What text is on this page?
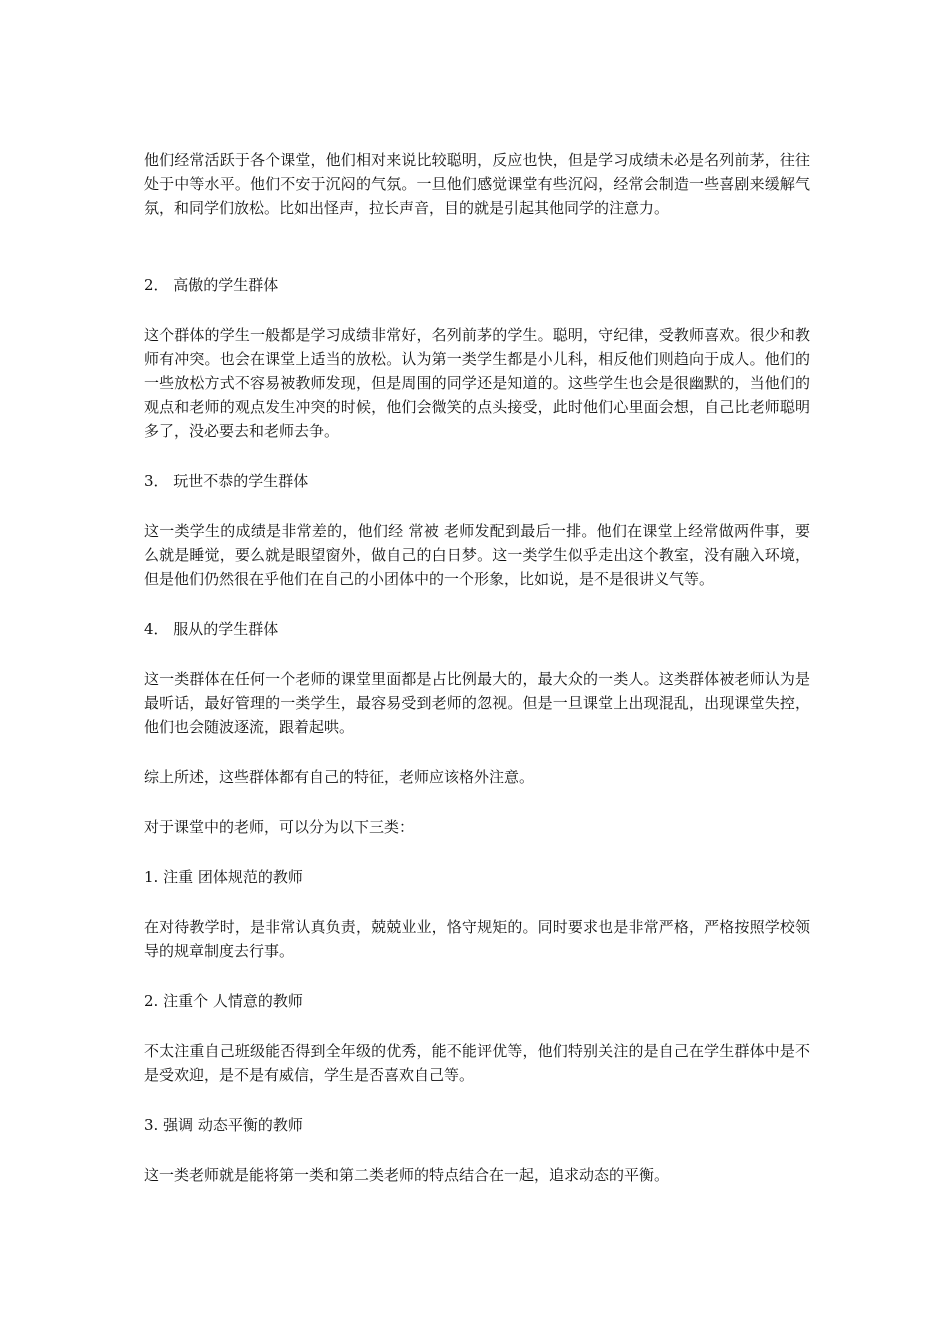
他们经常活跃于各个课堂，他们相对来说比较聪明，反应也快，但是学习成绩未必是名列前茅，往往处于中等水平。他们不安于沉闷的气氛。一旦他们感觉课堂有些沉闷，经常会制造一些喜剧来缓解气氛，和同学们放松。比如出怪声，拉长声音，目的就是引起其他同学的注意力。

2． 高傲的学生群体

这个群体的学生一般都是学习成绩非常好，名列前茅的学生。聪明，守纪律，受教师喜欢。很少和教师有冲突。也会在课堂上适当的放松。认为第一类学生都是小儿科，相反他们则趋向于成人。他们的一些放松方式不容易被教师发现，但是周围的同学还是知道的。这些学生也会是很幽默的，当他们的观点和老师的观点发生冲突的时候，他们会微笑的点头接受，此时他们心里面会想，自己比老师聪明多了，没必要去和老师去争。

3． 玩世不恭的学生群体

这一类学生的成绩是非常差的，他们经 常被 老师发配到最后一排。他们在课堂上经常做两件事，要么就是睡觉，要么就是眼望窗外，做自己的白日梦。这一类学生似乎走出这个教室，没有融入环境，但是他们仍然很在乎他们在自己的小团体中的一个形象，比如说，是不是很讲义气等。

4． 服从的学生群体

这一类群体在任何一个老师的课堂里面都是占比例最大的，最大众的一类人。这类群体被老师认为是最听话，最好管理的一类学生，最容易受到老师的忽视。但是一旦课堂上出现混乱，出现课堂失控，他们也会随波逐流，跟着起哄。

综上所述，这些群体都有自己的特征，老师应该格外注意。

对于课堂中的老师，可以分为以下三类：

1. 注重 团体规范的教师

在对待教学时，是非常认真负责，兢兢业业，恪守规矩的。同时要求也是非常严格，严格按照学校领导的规章制度去行事。

2. 注重个 人情意的教师

不太注重自己班级能否得到全年级的优秀，能不能评优等，他们特别关注的是自己在学生群体中是不是受欢迎，是不是有威信，学生是否喜欢自己等。

3. 强调 动态平衡的教师

这一类老师就是能将第一类和第二类老师的特点结合在一起，追求动态的平衡。
